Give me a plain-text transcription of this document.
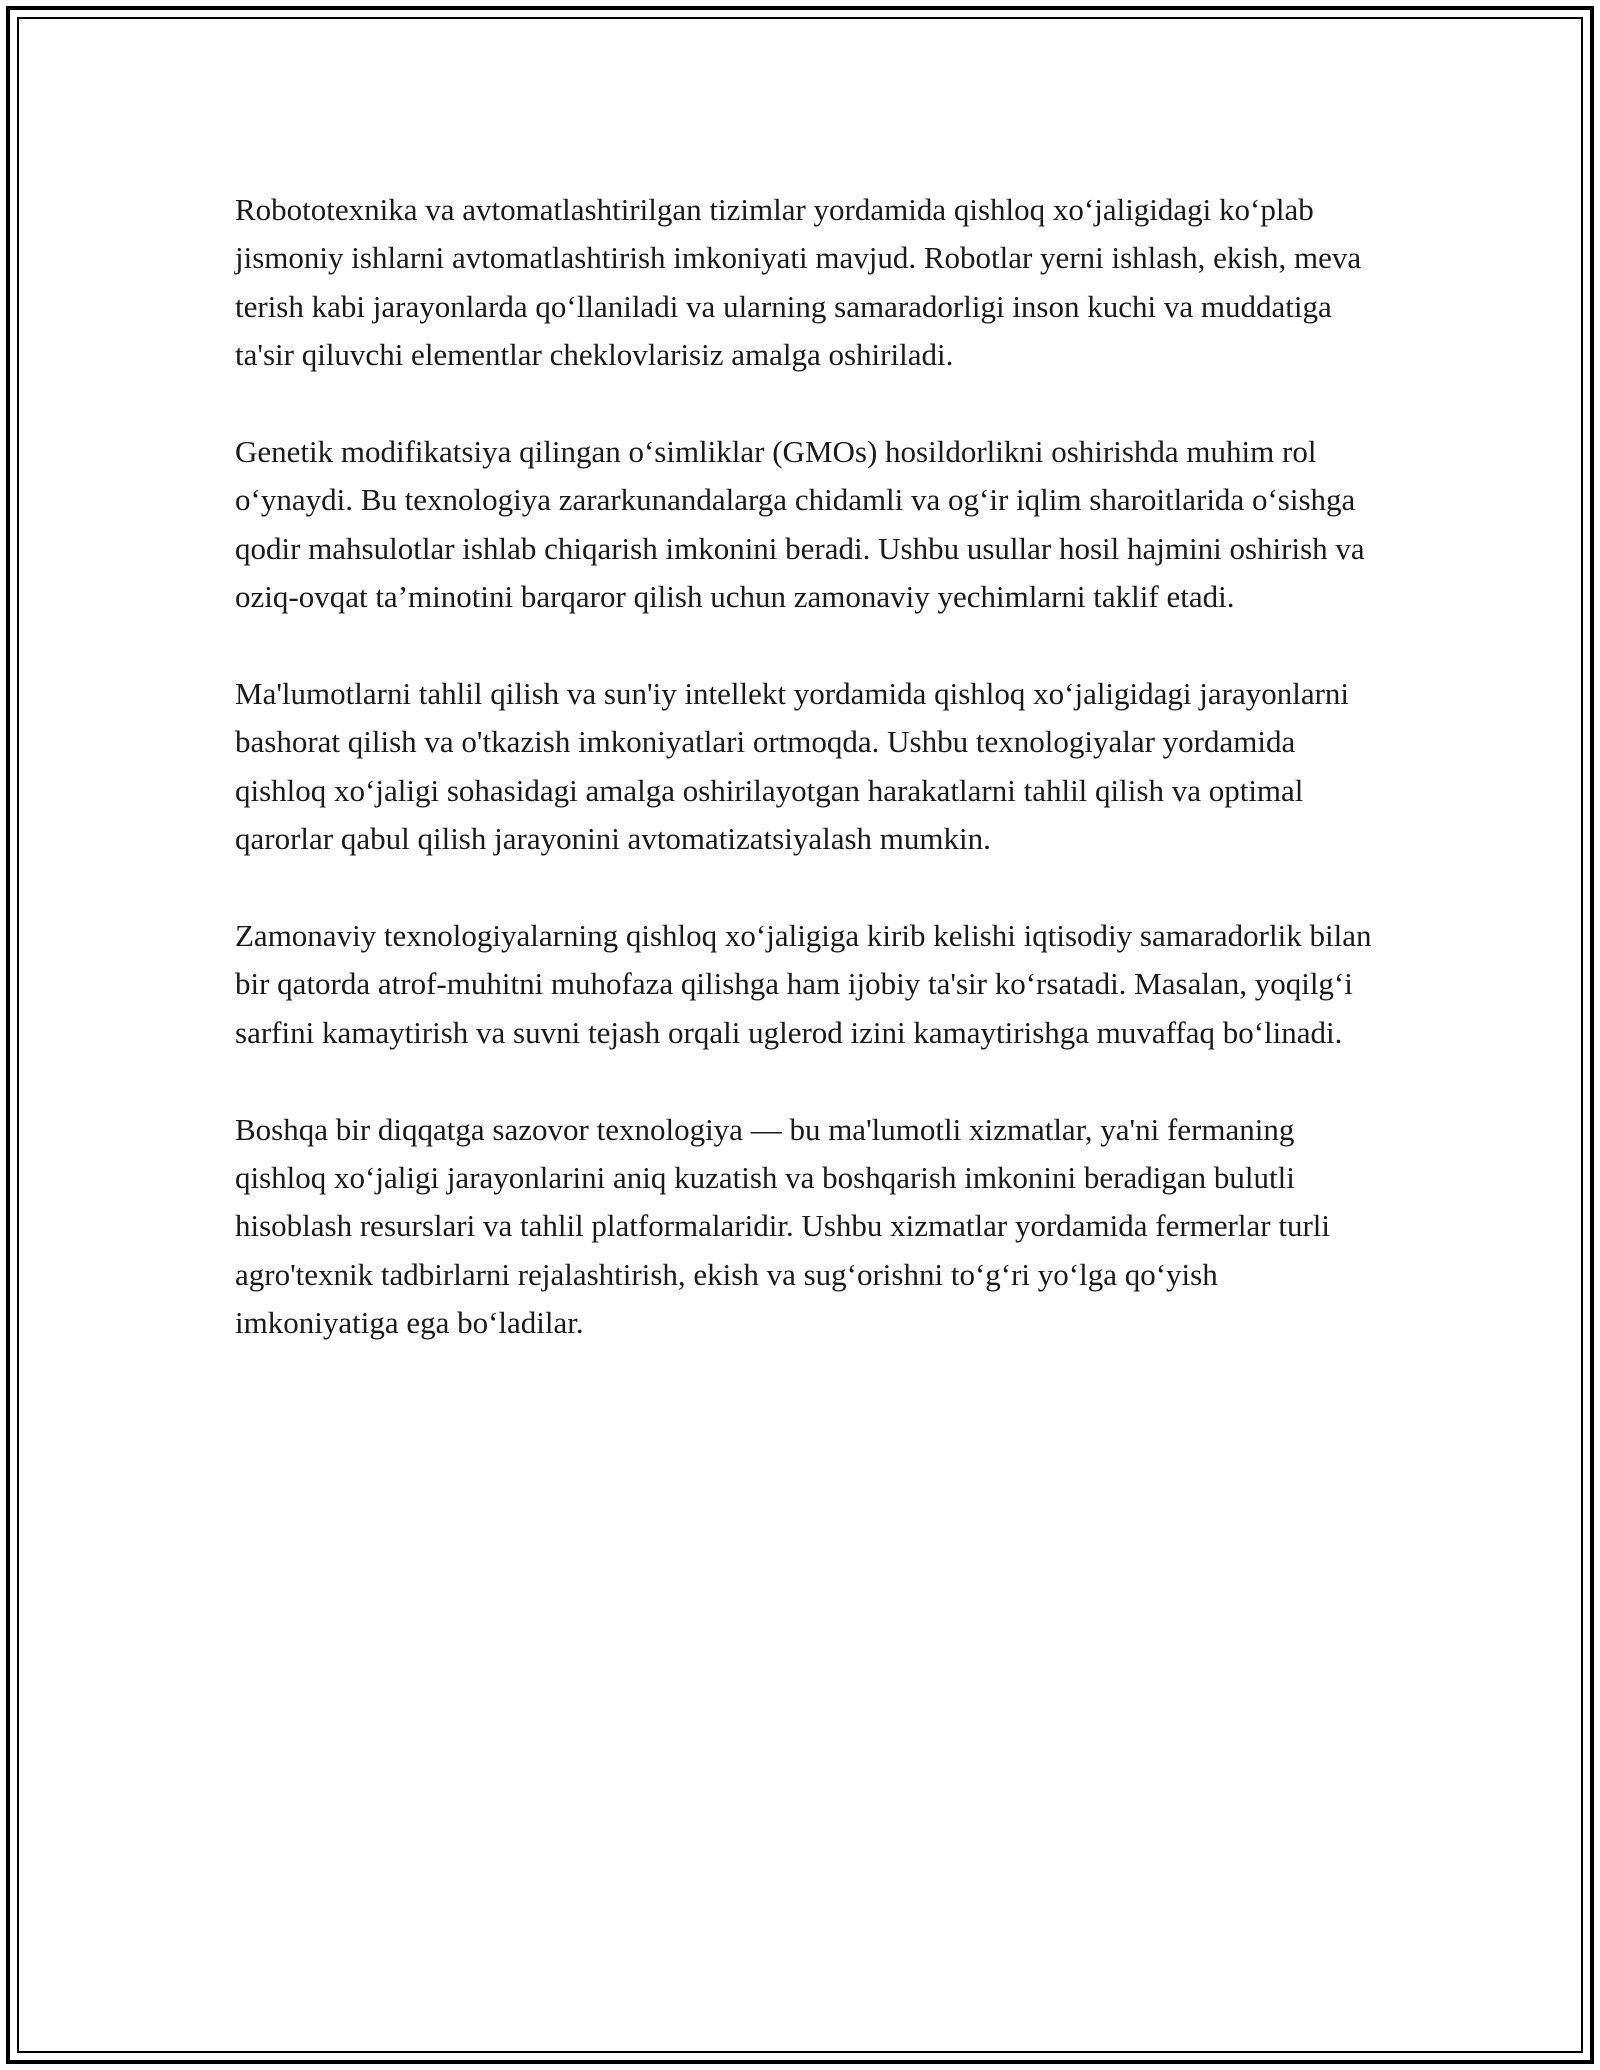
Robototexnika va avtomatlashtirilgan tizimlar yordamida qishloq xo‘jaligidagi ko‘plab jismoniy ishlarni avtomatlashtirish imkoniyati mavjud. Robotlar yerni ishlash, ekish, meva terish kabi jarayonlarda qo‘llaniladi va ularning samaradorligi inson kuchi va muddatiga ta'sir qiluvchi elementlar cheklovlarisiz amalga oshiriladi.

Genetik modifikatsiya qilingan o‘simliklar (GMOs) hosildorlikni oshirishda muhim rol o‘ynaydi. Bu texnologiya zararkunandalarga chidamli va og‘ir iqlim sharoitlarida o‘sishga qodir mahsulotlar ishlab chiqarish imkonini beradi. Ushbu usullar hosil hajmini oshirish va oziq-ovqat ta’minotini barqaror qilish uchun zamonaviy yechimlarni taklif etadi.

Ma'lumotlarni tahlil qilish va sun'iy intellekt yordamida qishloq xo‘jaligidagi jarayonlarni bashorat qilish va o'tkazish imkoniyatlari ortmoqda. Ushbu texnologiyalar yordamida qishloq xo‘jaligi sohasidagi amalga oshirilayotgan harakatlarni tahlil qilish va optimal qarorlar qabul qilish jarayonini avtomatizatsiyalash mumkin.

Zamonaviy texnologiyalarning qishloq xo‘jaligiga kirib kelishi iqtisodiy samaradorlik bilan bir qatorda atrof-muhitni muhofaza qilishga ham ijobiy ta'sir ko‘rsatadi. Masalan, yoqilg‘i sarfini kamaytirish va suvni tejash orqali uglerod izini kamaytirishga muvaffaq bo‘linadi.

Boshqa bir diqqatga sazovor texnologiya — bu ma'lumotli xizmatlar, ya'ni fermaning qishloq xo‘jaligi jarayonlarini aniq kuzatish va boshqarish imkonini beradigan bulutli hisoblash resurslari va tahlil platformalaridir. Ushbu xizmatlar yordamida fermerlar turli agro'texnik tadbirlarni rejalashtirish, ekish va sug‘orishni to‘g‘ri yo‘lga qo‘yish imkoniyatiga ega bo‘ladilar.
